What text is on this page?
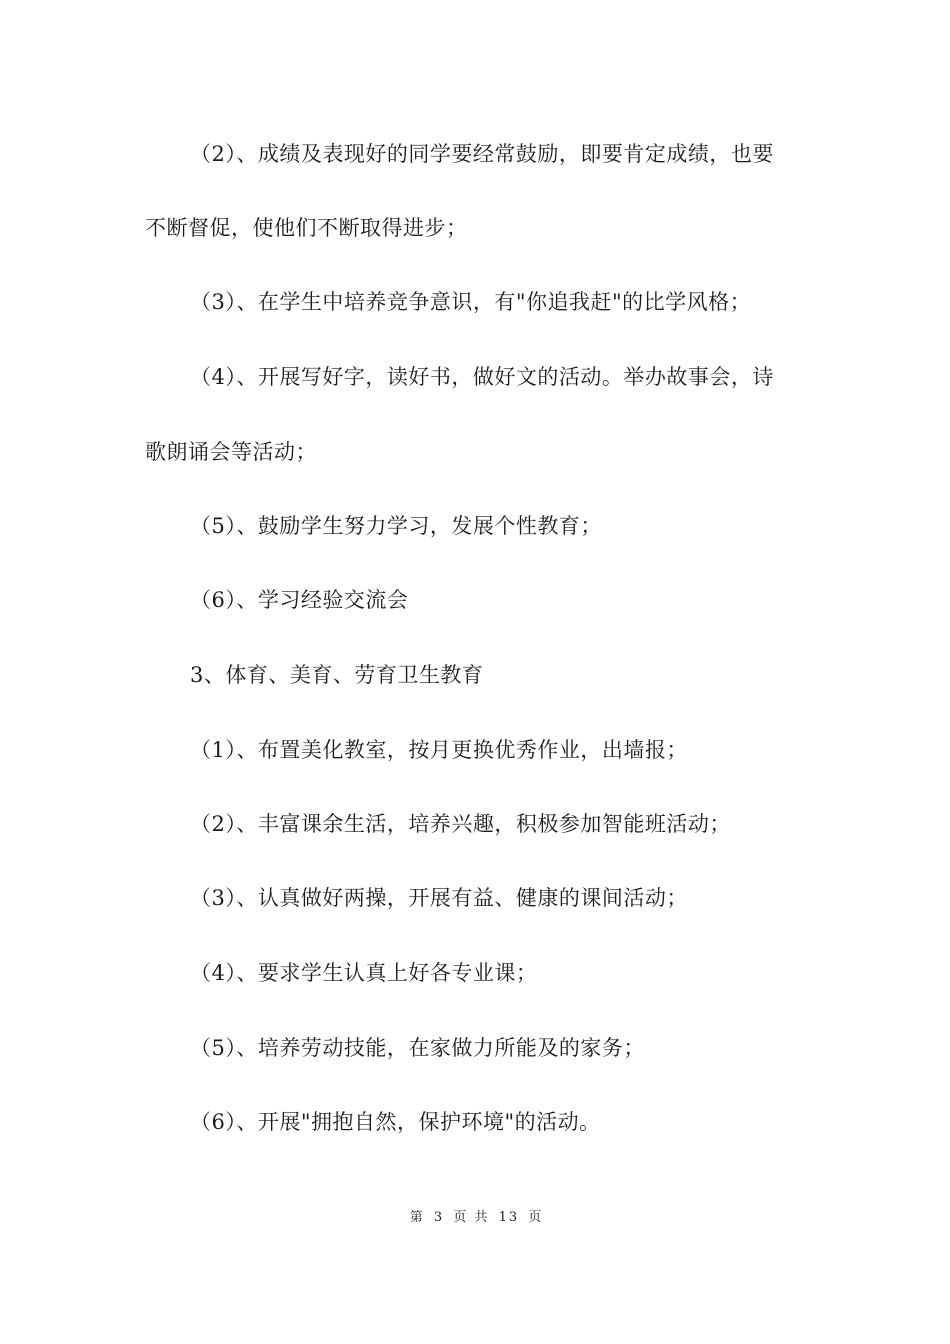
（2）、成绩及表现好的同学要经常鼓励，即要肯定成绩，也要
不断督促，使他们不断取得进步；
（3）、在学生中培养竞争意识，有"你追我赶"的比学风格；
（4）、开展写好字，读好书，做好文的活动。举办故事会，诗
歌朗诵会等活动；
（5）、鼓励学生努力学习，发展个性教育；
（6）、学习经验交流会
3、体育、美育、劳育卫生教育
（1）、布置美化教室，按月更换优秀作业，出墙报；
（2）、丰富课余生活，培养兴趣，积极参加智能班活动；
（3）、认真做好两操，开展有益、健康的课间活动；
（4）、要求学生认真上好各专业课；
（5）、培养劳动技能，在家做力所能及的家务；
（6）、开展"拥抱自然，保护环境"的活动。
第 3 页 共 13 页
